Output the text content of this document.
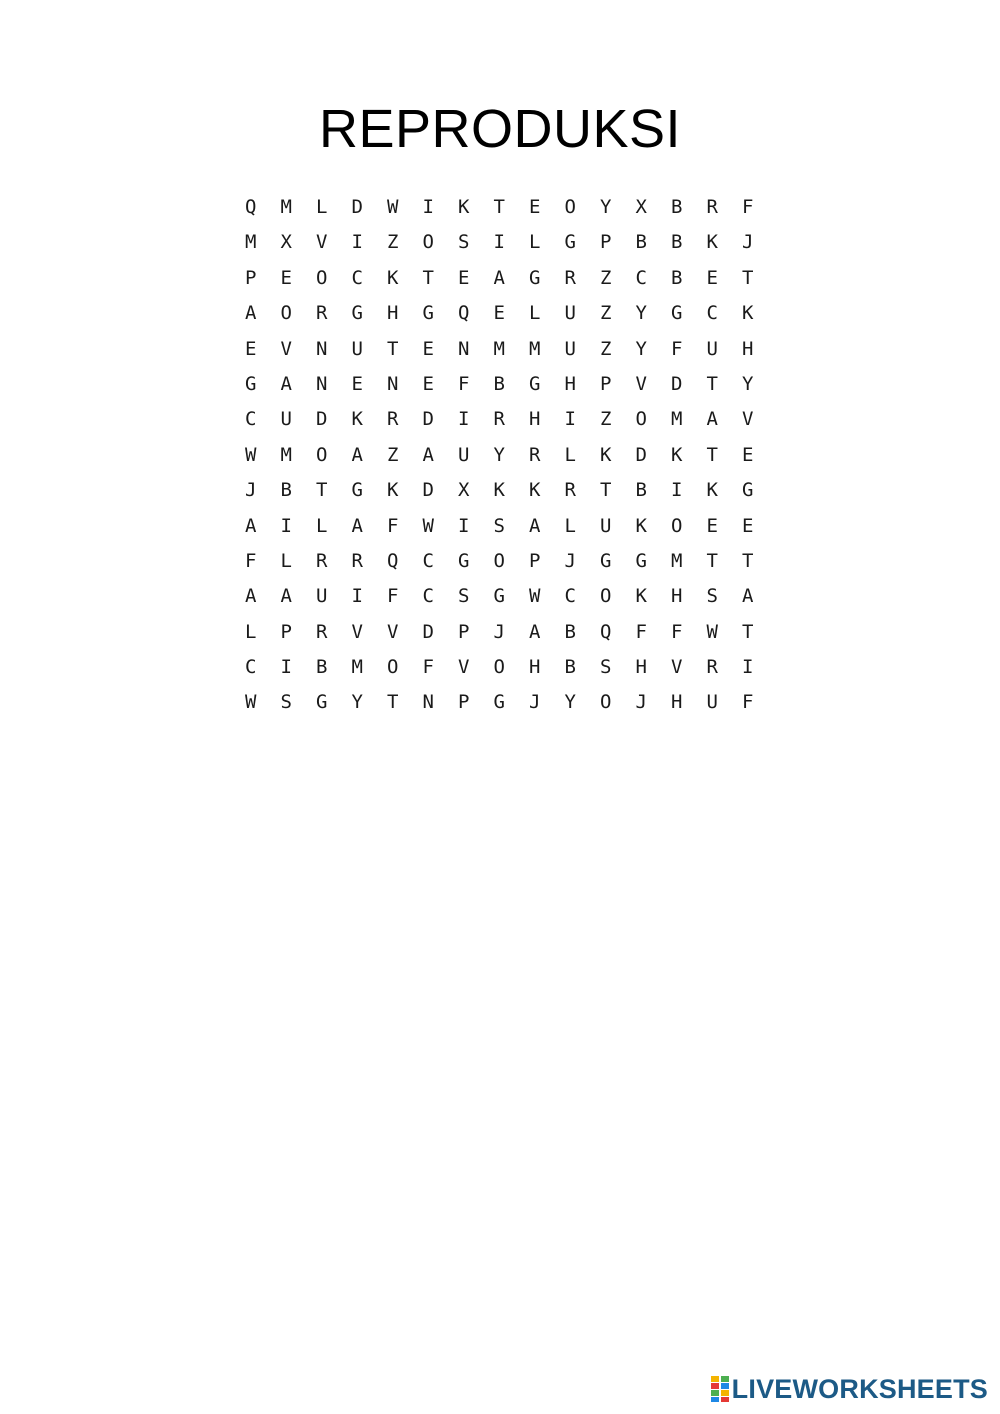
REPRODUKSI
Q	M	L	D	W	I	K	T	E	O	Y	X	B	R	F
M	X	V	I	Z	O	S	I	L	G	P	B	B	K	J
P	E	O	C	K	T	E	A	G	R	Z	C	B	E	T
A	O	R	G	H	G	Q	E	L	U	Z	Y	G	C	K
E	V	N	U	T	E	N	M	M	U	Z	Y	F	U	H
G	A	N	E	N	E	F	B	G	H	P	V	D	T	Y
C	U	D	K	R	D	I	R	H	I	Z	O	M	A	V
W	M	O	A	Z	A	U	Y	R	L	K	D	K	T	E
J	B	T	G	K	D	X	K	K	R	T	B	I	K	G
A	I	L	A	F	W	I	S	A	L	U	K	O	E	E
F	L	R	R	Q	C	G	O	P	J	G	G	M	T	T
A	A	U	I	F	C	S	G	W	C	O	K	H	S	A
L	P	R	V	V	D	P	J	A	B	Q	F	F	W	T
C	I	B	M	O	F	V	O	H	B	S	H	V	R	I
W	S	G	Y	T	N	P	G	J	Y	O	J	H	U	F
LIVEWORKSHEETS
